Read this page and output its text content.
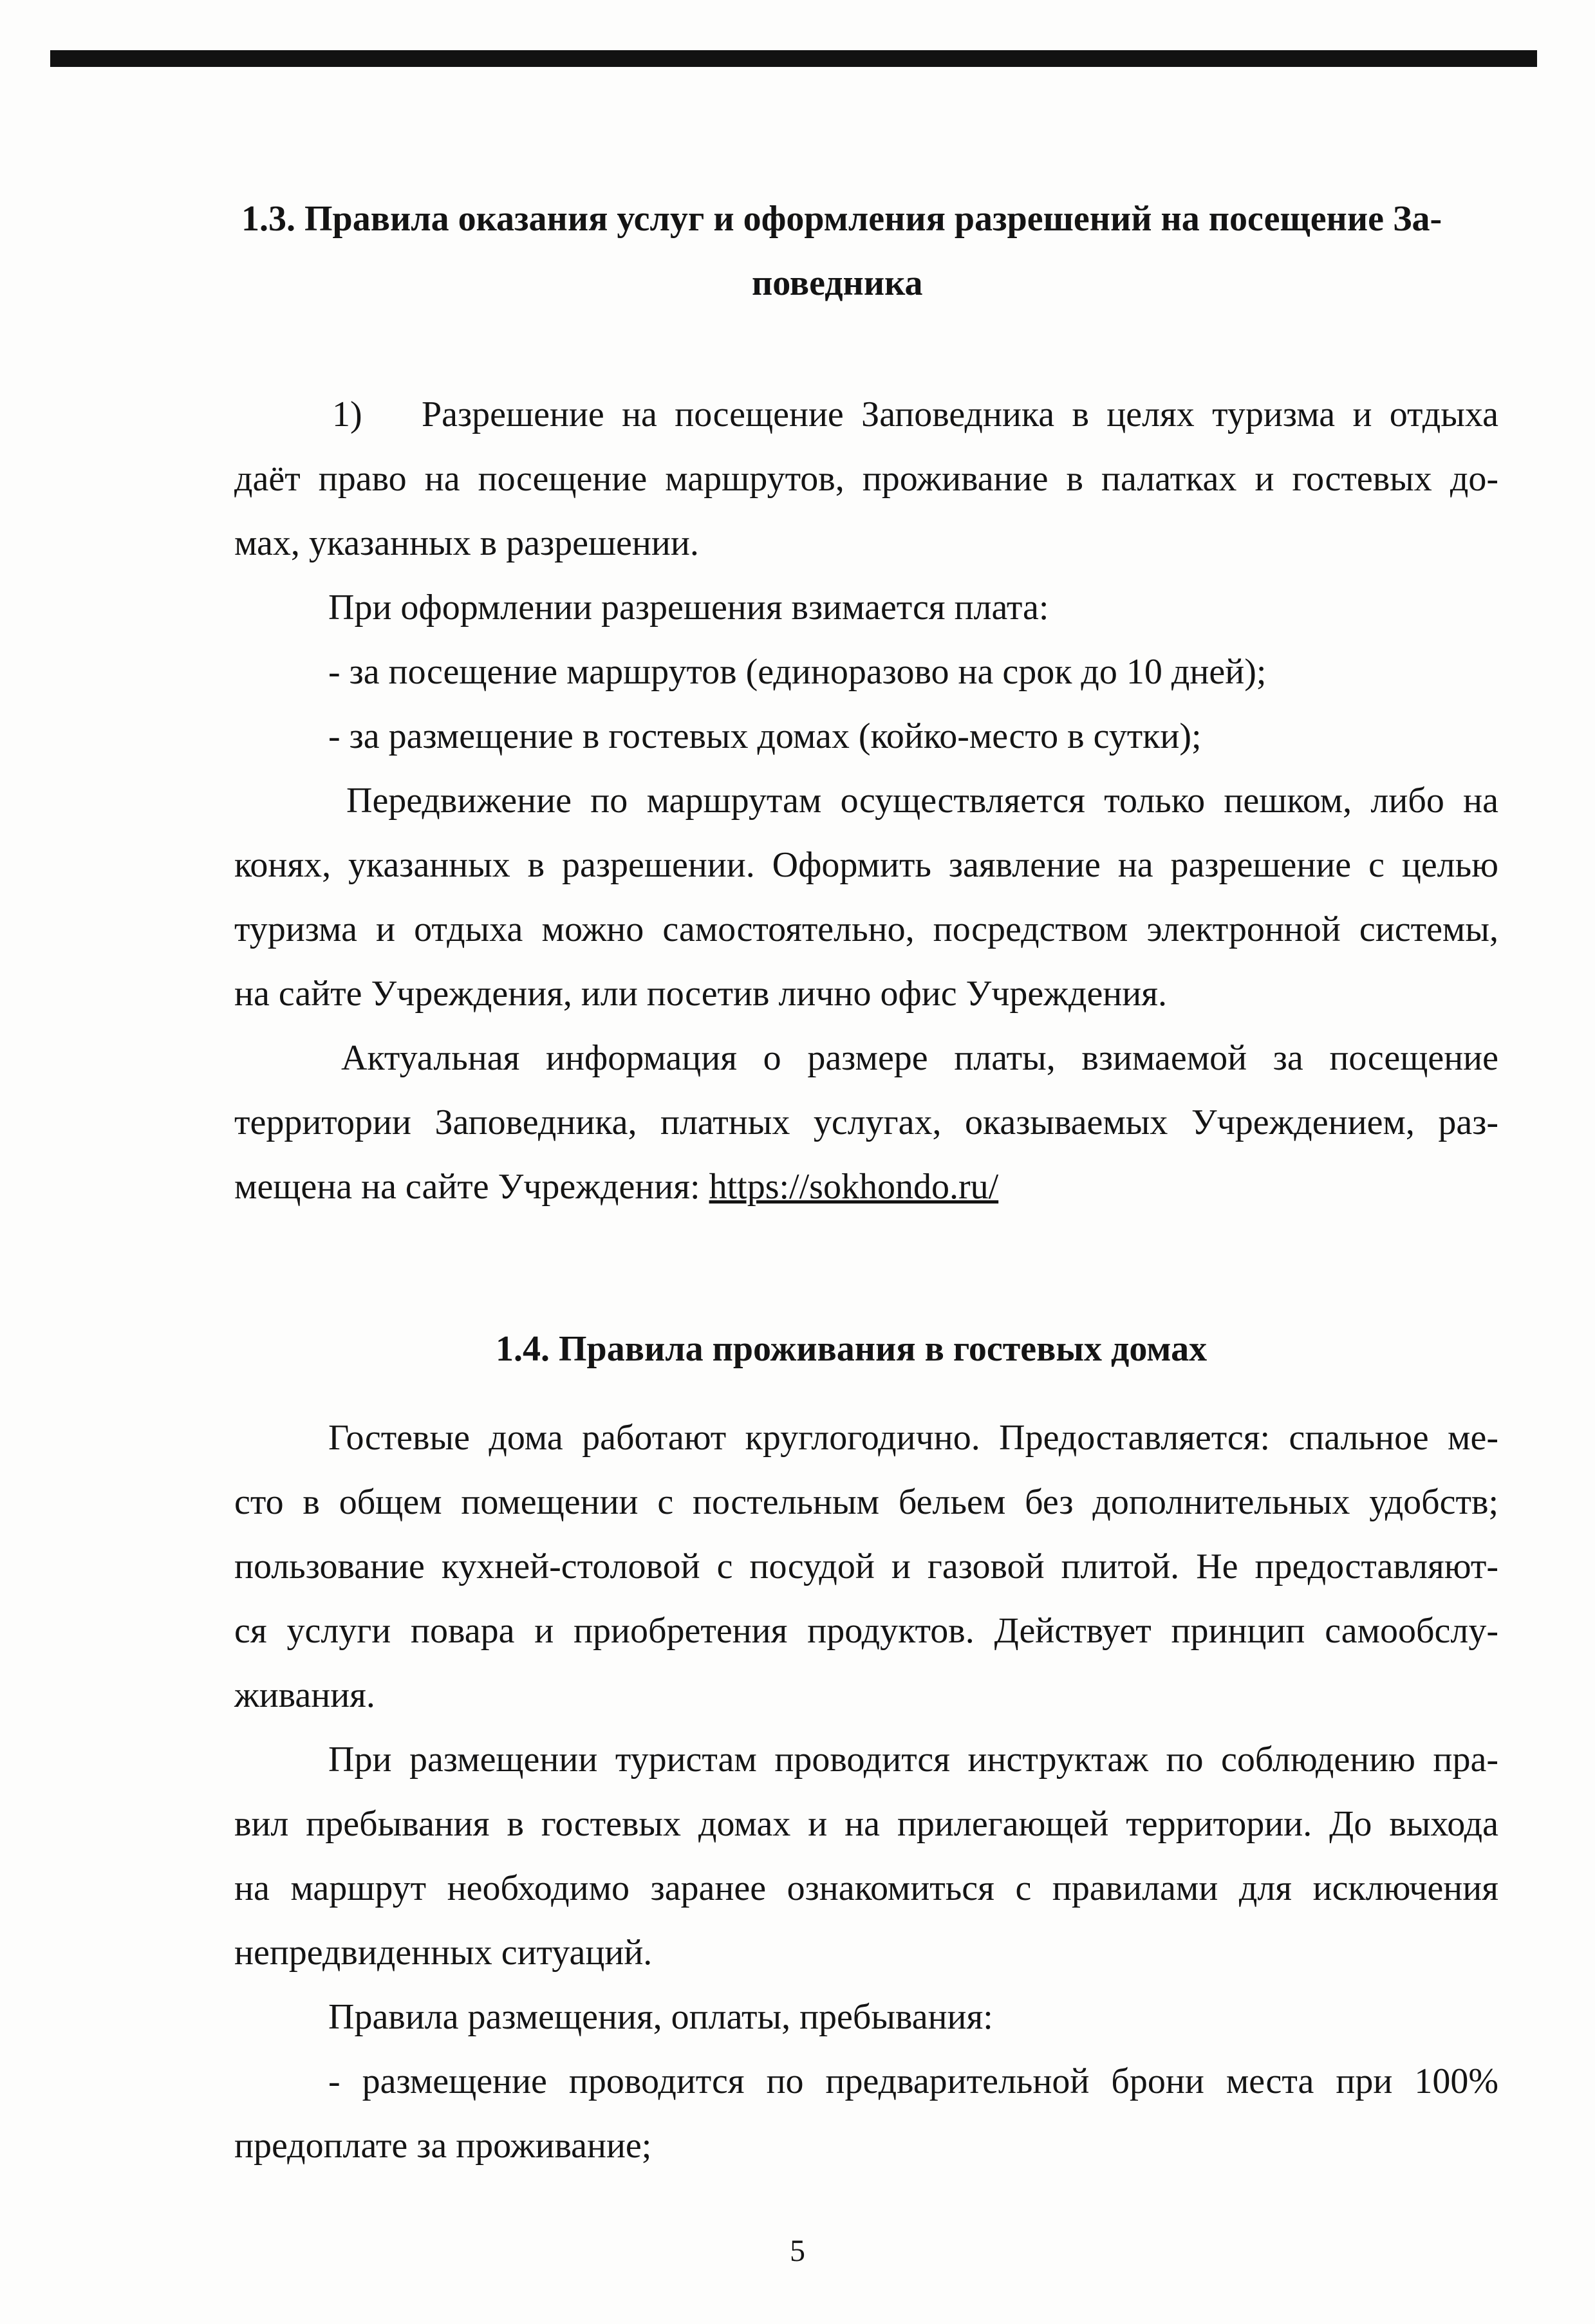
1.3. Правила оказания услуг и оформления разрешений на посещение За-
поведника
1) Разрешение на посещение Заповедника в целях туризма и отдыха
даёт право на посещение маршрутов, проживание в палатках и гостевых до-
мах, указанных в разрешении.
При оформлении разрешения взимается плата:
- за посещение маршрутов (единоразово на срок до 10 дней);
- за размещение в гостевых домах (койко-место в сутки);
Передвижение по маршрутам осуществляется только пешком, либо на
конях, указанных в разрешении. Оформить заявление на разрешение с целью
туризма и отдыха можно самостоятельно, посредством электронной системы,
на сайте Учреждения, или посетив лично офис Учреждения.
Актуальная информация о размере платы, взимаемой за посещение
территории Заповедника, платных услугах, оказываемых Учреждением, раз-
мещена на сайте Учреждения: https://sokhondo.ru/
1.4. Правила проживания в гостевых домах
Гостевые дома работают круглогодично. Предоставляется: спальное ме-
сто в общем помещении с постельным бельем без дополнительных удобств;
пользование кухней-столовой с посудой и газовой плитой. Не предоставляют-
ся услуги повара и приобретения продуктов. Действует принцип самообслу-
живания.
При размещении туристам проводится инструктаж по соблюдению пра-
вил пребывания в гостевых домах и на прилегающей территории. До выхода
на маршрут необходимо заранее ознакомиться с правилами для исключения
непредвиденных ситуаций.
Правила размещения, оплаты, пребывания:
- размещение проводится по предварительной брони места при 100%
предоплате за проживание;
5
